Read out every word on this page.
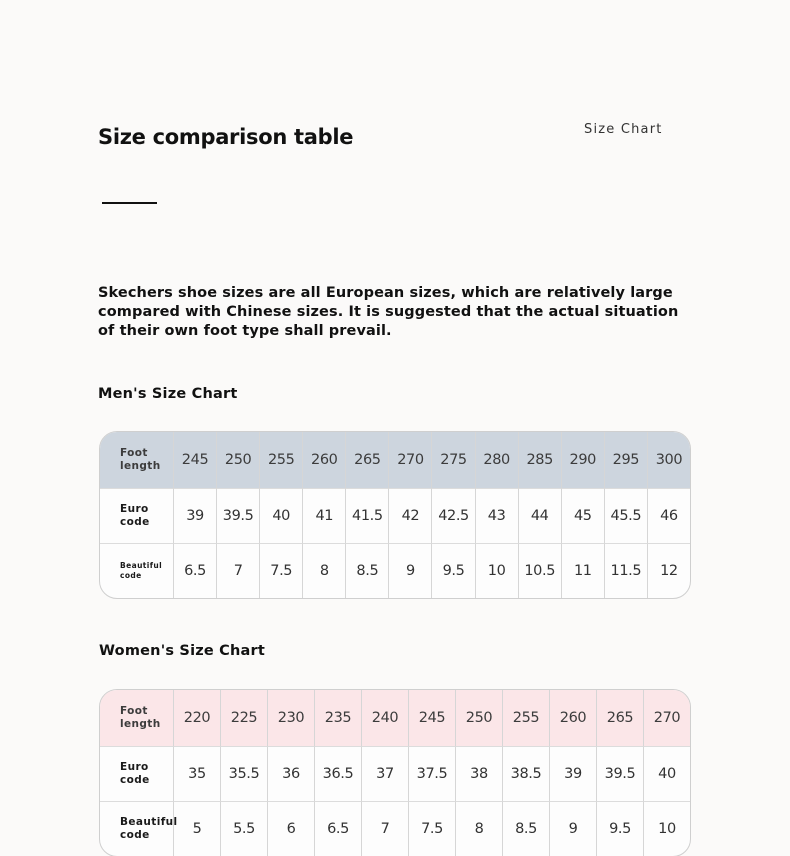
Size comparison table	Size Chart

Skechers shoe sizes are all European sizes, which are relatively large compared with Chinese sizes. It is suggested that the actual situation of their own foot type shall prevail.

Men's Size Chart
Foot
length	245	250	255	260	265	270	275	280	285	290	295	300
Euro
code	39	39.5	40	41	41.5	42	42.5	43	44	45	45.5	46
Beautiful
code	6.5	7	7.5	8	8.5	9	9.5	10	10.5	11	11.5	12
Women's Size Chart
Foot
length	220	225	230	235	240	245	250	255	260	265	270
Euro
code	35	35.5	36	36.5	37	37.5	38	38.5	39	39.5	40
Beautiful
code	5	5.5	6	6.5	7	7.5	8	8.5	9	9.5	10
